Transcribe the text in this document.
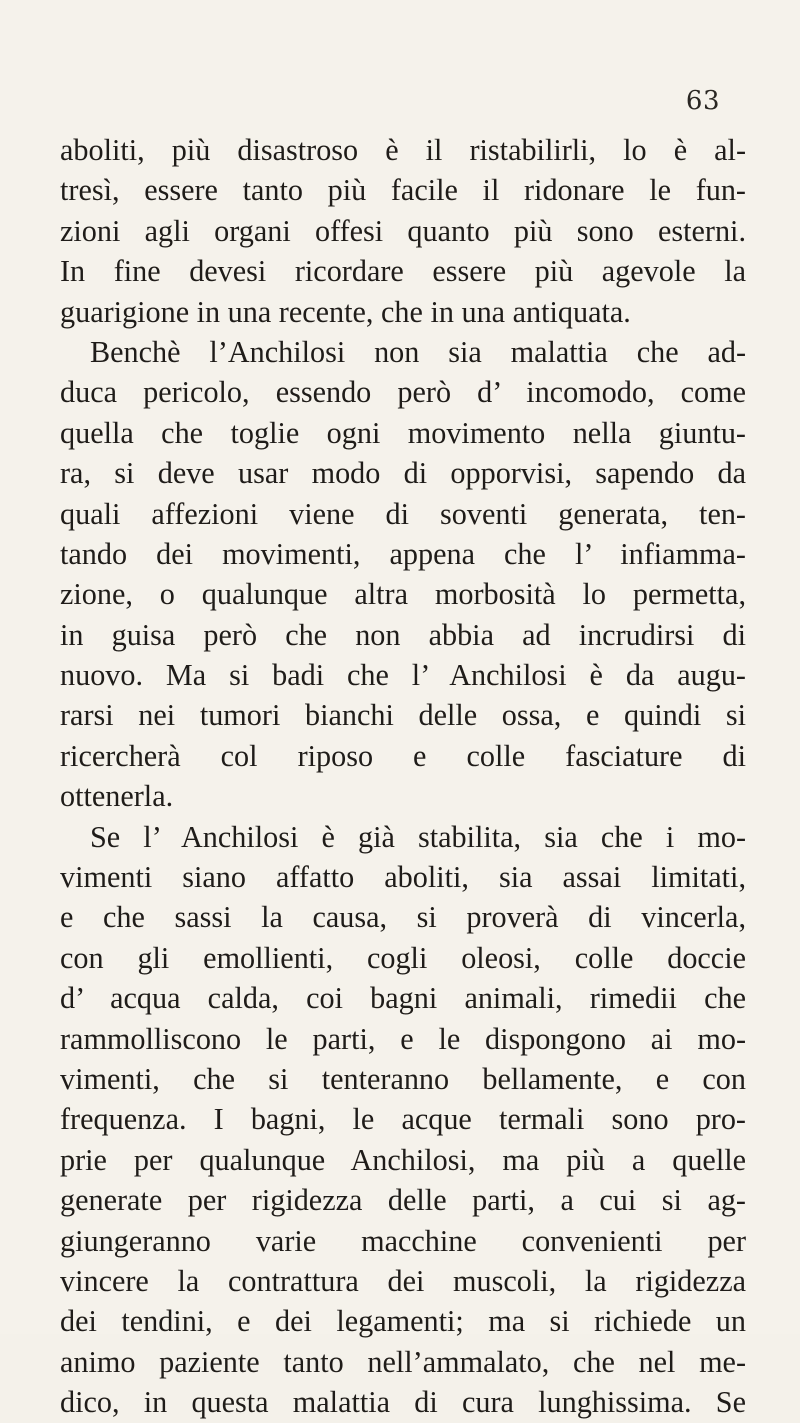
63
aboliti, più disastroso è il ristabilirli, lo è al-
tresì, essere tanto più facile il ridonare le fun-
zioni agli organi offesi quanto più sono esterni.
In fine devesi ricordare essere più agevole la
guarigione in una recente, che in una antiquata.
Benchè l’Anchilosi non sia malattia che ad-
duca pericolo, essendo però d’ incomodo, come
quella che toglie ogni movimento nella giuntu-
ra, si deve usar modo di opporvisi, sapendo da
quali affezioni viene di soventi generata, ten-
tando dei movimenti, appena che l’ infiamma-
zione, o qualunque altra morbosità lo permetta,
in guisa però che non abbia ad incrudirsi di
nuovo. Ma si badi che l’ Anchilosi è da augu-
rarsi nei tumori bianchi delle ossa, e quindi si
ricercherà col riposo e colle fasciature di
ottenerla.
Se l’ Anchilosi è già stabilita, sia che i mo-
vimenti siano affatto aboliti, sia assai limitati,
e che sassi la causa, si proverà di vincerla,
con gli emollienti, cogli oleosi, colle doccie
d’ acqua calda, coi bagni animali, rimedii che
rammolliscono le parti, e le dispongono ai mo-
vimenti, che si tenteranno bellamente, e con
frequenza. I bagni, le acque termali sono pro-
prie per qualunque Anchilosi, ma più a quelle
generate per rigidezza delle parti, a cui si ag-
giungeranno varie macchine convenienti per
vincere la contrattura dei muscoli, la rigidezza
dei tendini, e dei legamenti; ma si richiede un
animo paziente tanto nell’ammalato, che nel me-
dico, in questa malattia di cura lunghissima. Se
